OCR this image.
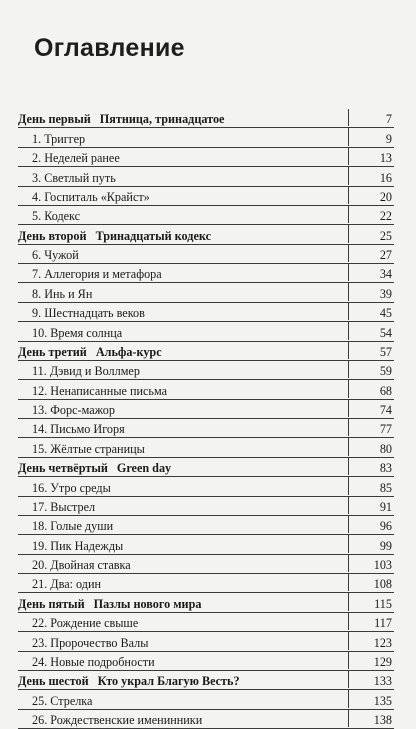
Оглавление
День первый Пятница, тринадцатое	7
1. Триггер	9
2. Неделей ранее	13
3. Светлый путь	16
4. Госпиталь «Крайст»	20
5. Кодекс	22
День второй Тринадцатый кодекс	25
6. Чужой	27
7. Аллегория и метафора	34
8. Инь и Ян	39
9. Шестнадцать веков	45
10. Время солнца	54
День третий Альфа-курс	57
11. Дэвид и Воллмер	59
12. Ненаписанные письма	68
13. Форс-мажор	74
14. Письмо Игоря	77
15. Жёлтые страницы	80
День четвёртый Green day	83
16. Утро среды	85
17. Выстрел	91
18. Голые души	96
19. Пик Надежды	99
20. Двойная ставка	103
21. Два: один	108
День пятый Пазлы нового мира	115
22. Рождение свыше	117
23. Пророчество Валы	123
24. Новые подробности	129
День шестой Кто украл Благую Весть?	133
25. Стрелка	135
26. Рождественские именинники	138
